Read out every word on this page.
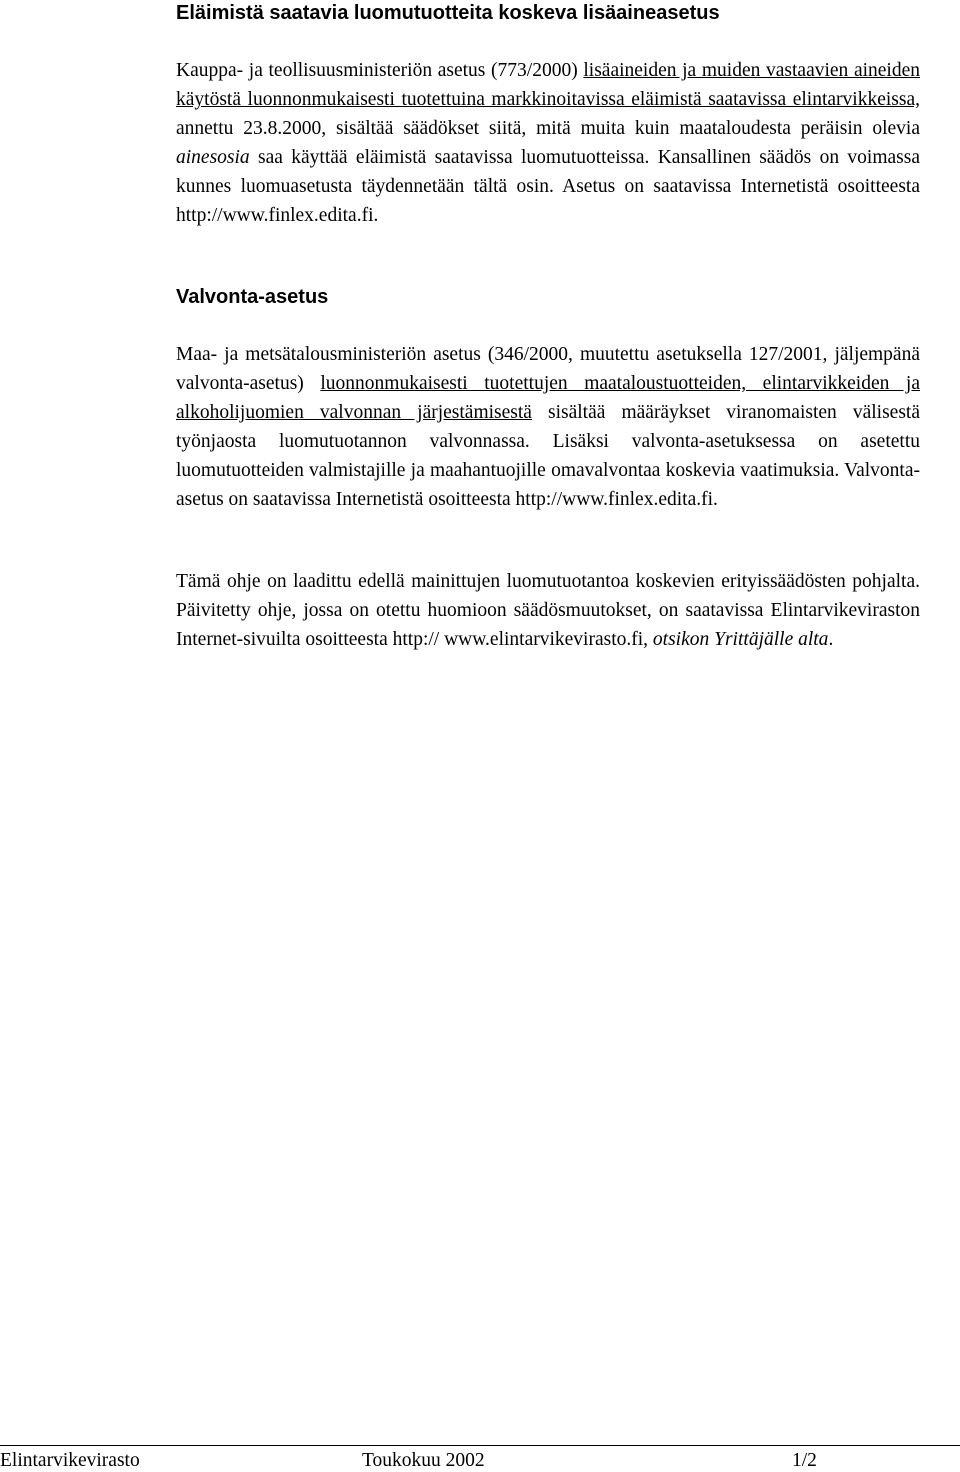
Eläimistä saatavia luomutuotteita koskeva lisäaineasetus

Kauppa- ja teollisuusministeriön asetus (773/2000) lisäaineiden ja muiden vastaavien aineiden käytöstä luonnonmukaisesti tuotettuina markkinoitavissa eläimistä saatavissa elintarvikkeissa, annettu 23.8.2000, sisältää säädökset siitä, mitä muita kuin maataloudesta peräisin olevia ainesosia saa käyttää eläimistä saatavissa luomutuotteissa. Kansallinen säädös on voimassa kunnes luomuasetusta täydennetään tältä osin. Asetus on saatavissa Internetistä osoitteesta http://www.finlex.edita.fi.

Valvonta-asetus

Maa- ja metsätalousministeriön asetus (346/2000, muutettu asetuksella 127/2001, jäljempänä valvonta-asetus) luonnonmukaisesti tuotettujen maataloustuotteiden, elintarvikkeiden ja alkoholijuomien valvonnan järjestämisestä sisältää määräykset viranomaisten välisestä työnjaosta luomutuotannon valvonnassa. Lisäksi valvonta-asetuksessa on asetettu luomutuotteiden valmistajille ja maahantuojille omavalvontaa koskevia vaatimuksia. Valvonta-asetus on saatavissa Internetistä osoitteesta http://www.finlex.edita.fi.

Tämä ohje on laadittu edellä mainittujen luomutuotantoa koskevien erityissäädösten pohjalta. Päivitetty ohje, jossa on otettu huomioon säädösmuutokset, on saatavissa Elintarvikeviraston Internet-sivuilta osoitteesta http:// www.elintarvikevirasto.fi, otsikon Yrittäjälle alta.

Elintarvikevirasto	Toukokuu 2002	1/2
